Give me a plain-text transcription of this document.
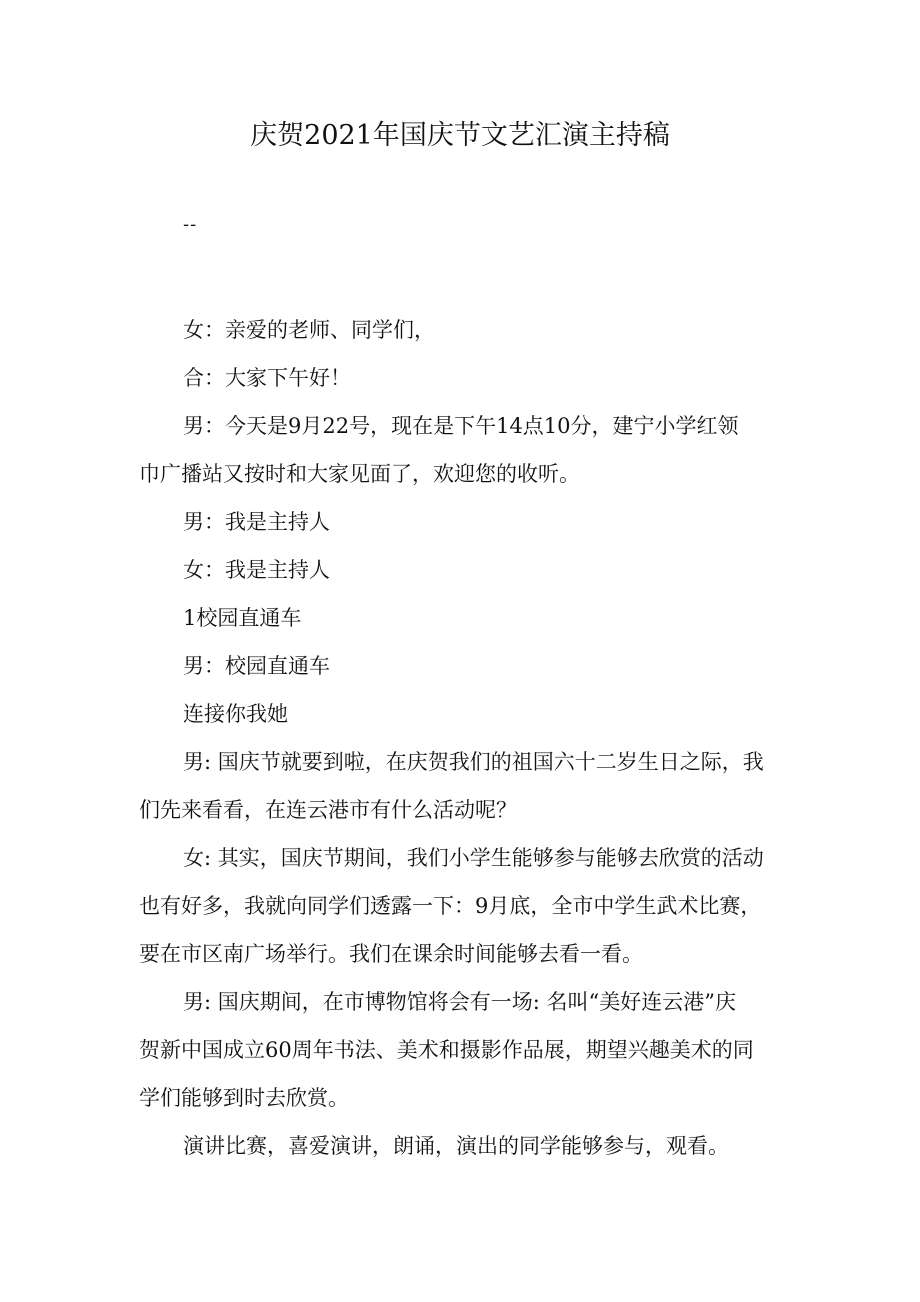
庆贺2021年国庆节文艺汇演主持稿
--

女：亲爱的老师、同学们，

合：大家下午好！

男：今天是9月22号，现在是下午14点10分，建宁小学红领
巾广播站又按时和大家见面了，欢迎您的收听。

男：我是主持人

女：我是主持人

1校园直通车

男：校园直通车

连接你我她

男: 国庆节就要到啦，在庆贺我们的祖国六十二岁生日之际，我
们先来看看，在连云港市有什么活动呢？

女: 其实，国庆节期间，我们小学生能够参与能够去欣赏的活动
也有好多，我就向同学们透露一下：9月底，全市中学生武术比赛，
要在市区南广场举行。我们在课余时间能够去看一看。

男: 国庆期间，在市博物馆将会有一场: 名叫“美好连云港”庆
贺新中国成立60周年书法、美术和摄影作品展，期望兴趣美术的同
学们能够到时去欣赏。

演讲比赛，喜爱演讲，朗诵，演出的同学能够参与，观看。
